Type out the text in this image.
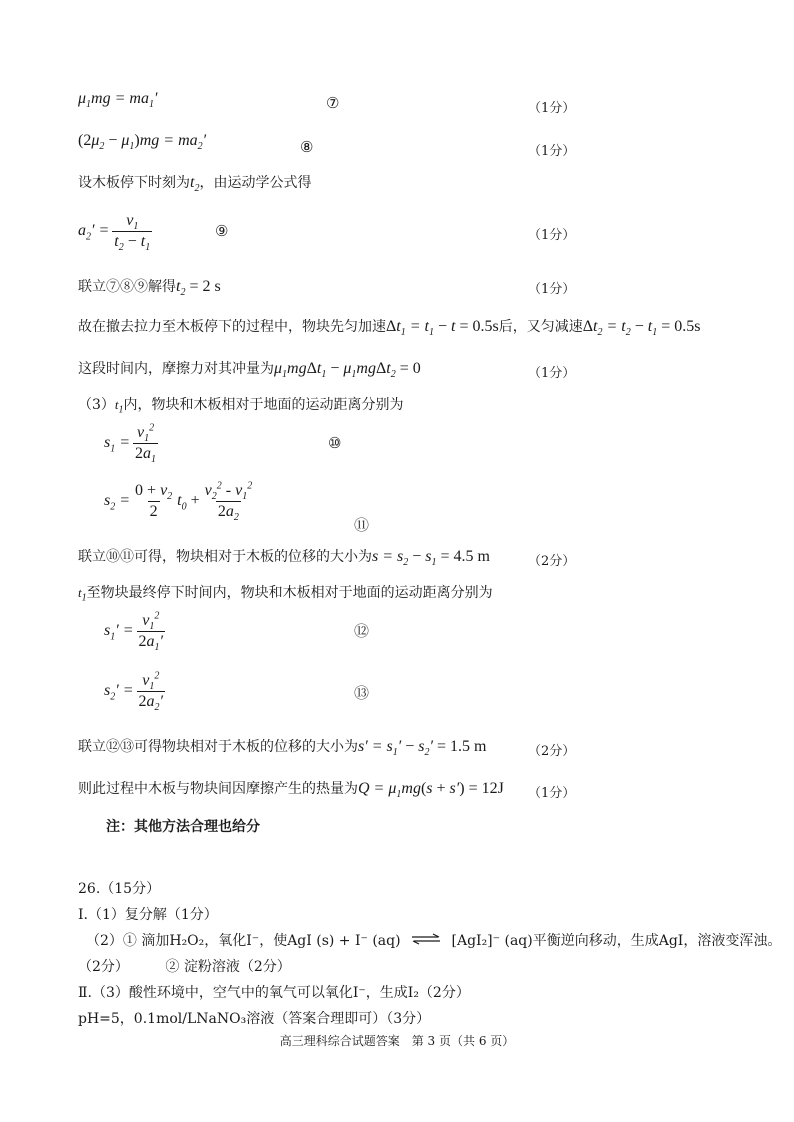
$\mu_1mg = ma_1'$	⑦	（1分）
$(2\mu_2 - \mu_1)mg = ma_2'$	⑧	（1分）
设木板停下时刻为$t_2$，由运动学公式得
$a_2' = \frac{v_1}{t_2 - t_1}$	⑨	（1分）
联立⑦⑧⑨解得$t_2 = 2$ s	（1分）
故在撤去拉力至木板停下的过程中，物块先匀加速$\Delta t_1 = t_1 - t = 0.5s$后，又匀减速$\Delta t_2 = t_2 - t_1 = 0.5s$
这段时间内，摩擦力对其冲量为$\mu_1mg\Delta t_1 - \mu_1mg\Delta t_2 = 0$	（1分）
$(3)t_1$内，物块和木板相对于地面的运动距离分别为
$s_1 = \frac{v_1^2}{2a_1}$	⑩
$s_2 = \frac{0 + v_2}{2} t_0 + \frac{v_2^2 - v_1^2}{2a_2}$
⑪
联立⑩⑪可得，物块相对于木板的位移的大小为$s = s_2 - s_1 = 4.5$ m	（2分）
$t_1$至物块最终停下时间内，物块和木板相对于地面的运动距离分别为
$s_1' = \frac{v_1^2}{2a_1'}$	⑫
$s_2' = \frac{v_1^2}{2a_2'}$	⑬
联立⑫⑬可得物块相对于木板的位移的大小为$s' = s_1' - s_2' = 1.5$ m	（2分）
则此过程中木板与物块间因摩擦产生的热量为$Q = \mu_1mg(s + s') = 12J$ （1分）
注：其他方法合理也给分
26.（15分）
Ⅰ.（1）复分解（1分）
（2）① 滴加H₂O₂，氧化I⁻，使AgI (s) + I⁻ (aq) ⇌ [AgI₂]⁻ (aq)平衡逆向移动，生成AgI，溶液变浑浊。
（2分）	② 淀粉溶液（2分）
Ⅱ.（3）酸性环境中，空气中的氧气可以氧化I⁻，生成I₂（2分）
pH=5，0.1mol/LNaNO₃溶液（答案合理即可）（3分）
高三理科综合试题答案　第 3 页（共 6 页）
